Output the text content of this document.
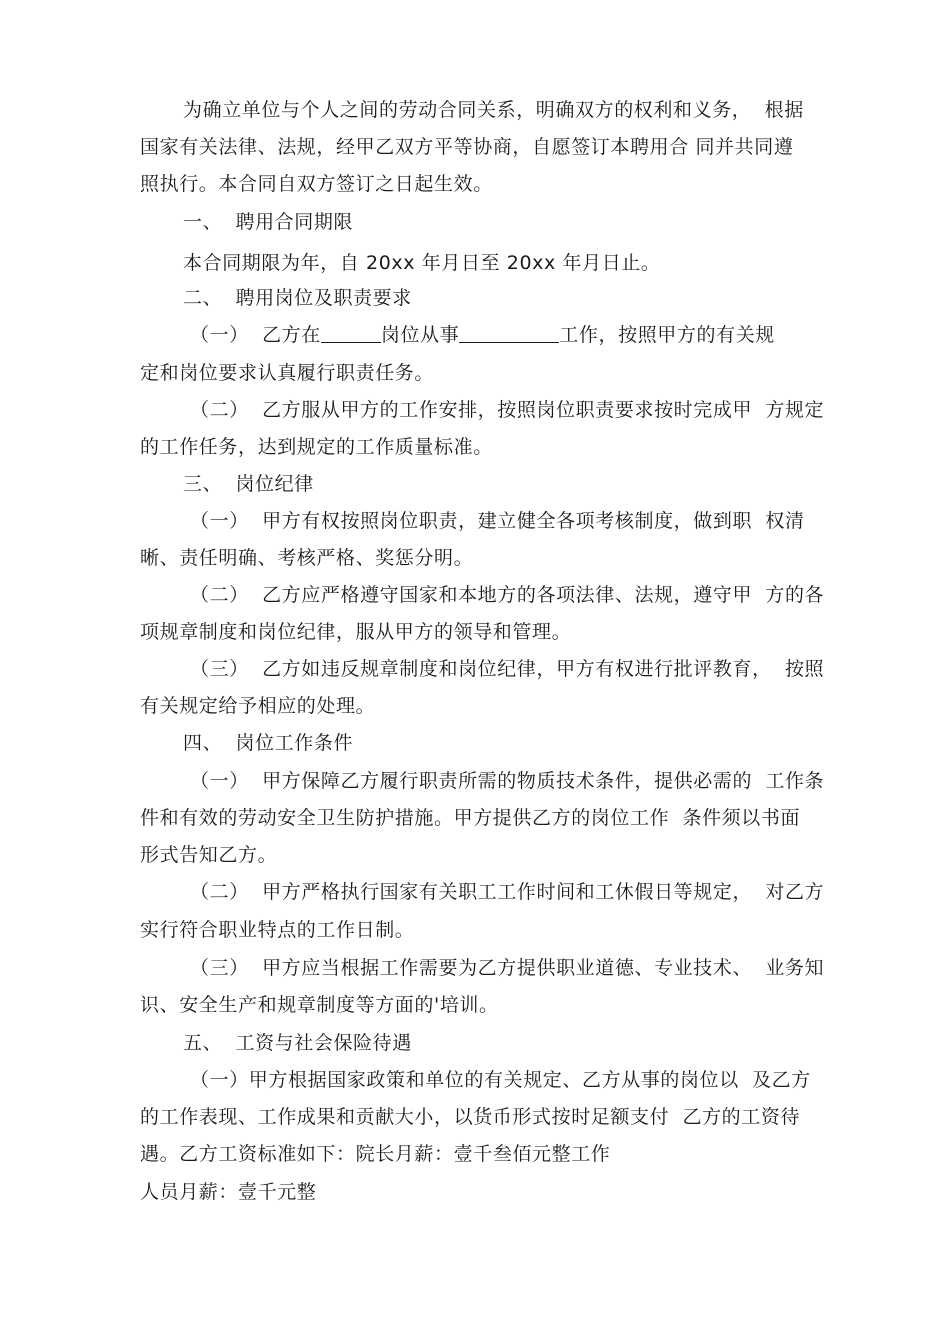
为确立单位与个人之间的劳动合同关系，明确双方的权利和义务，  根据
国家有关法律、法规，经甲乙双方平等协商，自愿签订本聘用合 同并共同遵
照执行。本合同自双方签订之日起生效。
一、  聘用合同期限
本合同期限为年，自 20xx 年月日至 20xx 年月日止。
二、  聘用岗位及职责要求
（一）  乙方在	岗位从事	工作，按照甲方的有关规
定和岗位要求认真履行职责任务。
（二）  乙方服从甲方的工作安排，按照岗位职责要求按时完成甲  方规定
的工作任务，达到规定的工作质量标准。
三、  岗位纪律
（一）  甲方有权按照岗位职责，建立健全各项考核制度，做到职  权清
晰、责任明确、考核严格、奖惩分明。
（二）  乙方应严格遵守国家和本地方的各项法律、法规，遵守甲  方的各
项规章制度和岗位纪律，服从甲方的领导和管理。
（三）  乙方如违反规章制度和岗位纪律，甲方有权进行批评教育，  按照
有关规定给予相应的处理。
四、  岗位工作条件
（一）  甲方保障乙方履行职责所需的物质技术条件，提供必需的  工作条
件和有效的劳动安全卫生防护措施。甲方提供乙方的岗位工作  条件须以书面
形式告知乙方。
（二）  甲方严格执行国家有关职工工作时间和工休假日等规定，  对乙方
实行符合职业特点的工作日制。
（三）  甲方应当根据工作需要为乙方提供职业道德、专业技术、  业务知
识、安全生产和规章制度等方面的'培训。
五、  工资与社会保险待遇
（一）甲方根据国家政策和单位的有关规定、乙方从事的岗位以  及乙方
的工作表现、工作成果和贡献大小，以货币形式按时足额支付  乙方的工资待
遇。乙方工资标准如下：院长月薪：壹千叁佰元整工作
人员月薪：壹千元整
